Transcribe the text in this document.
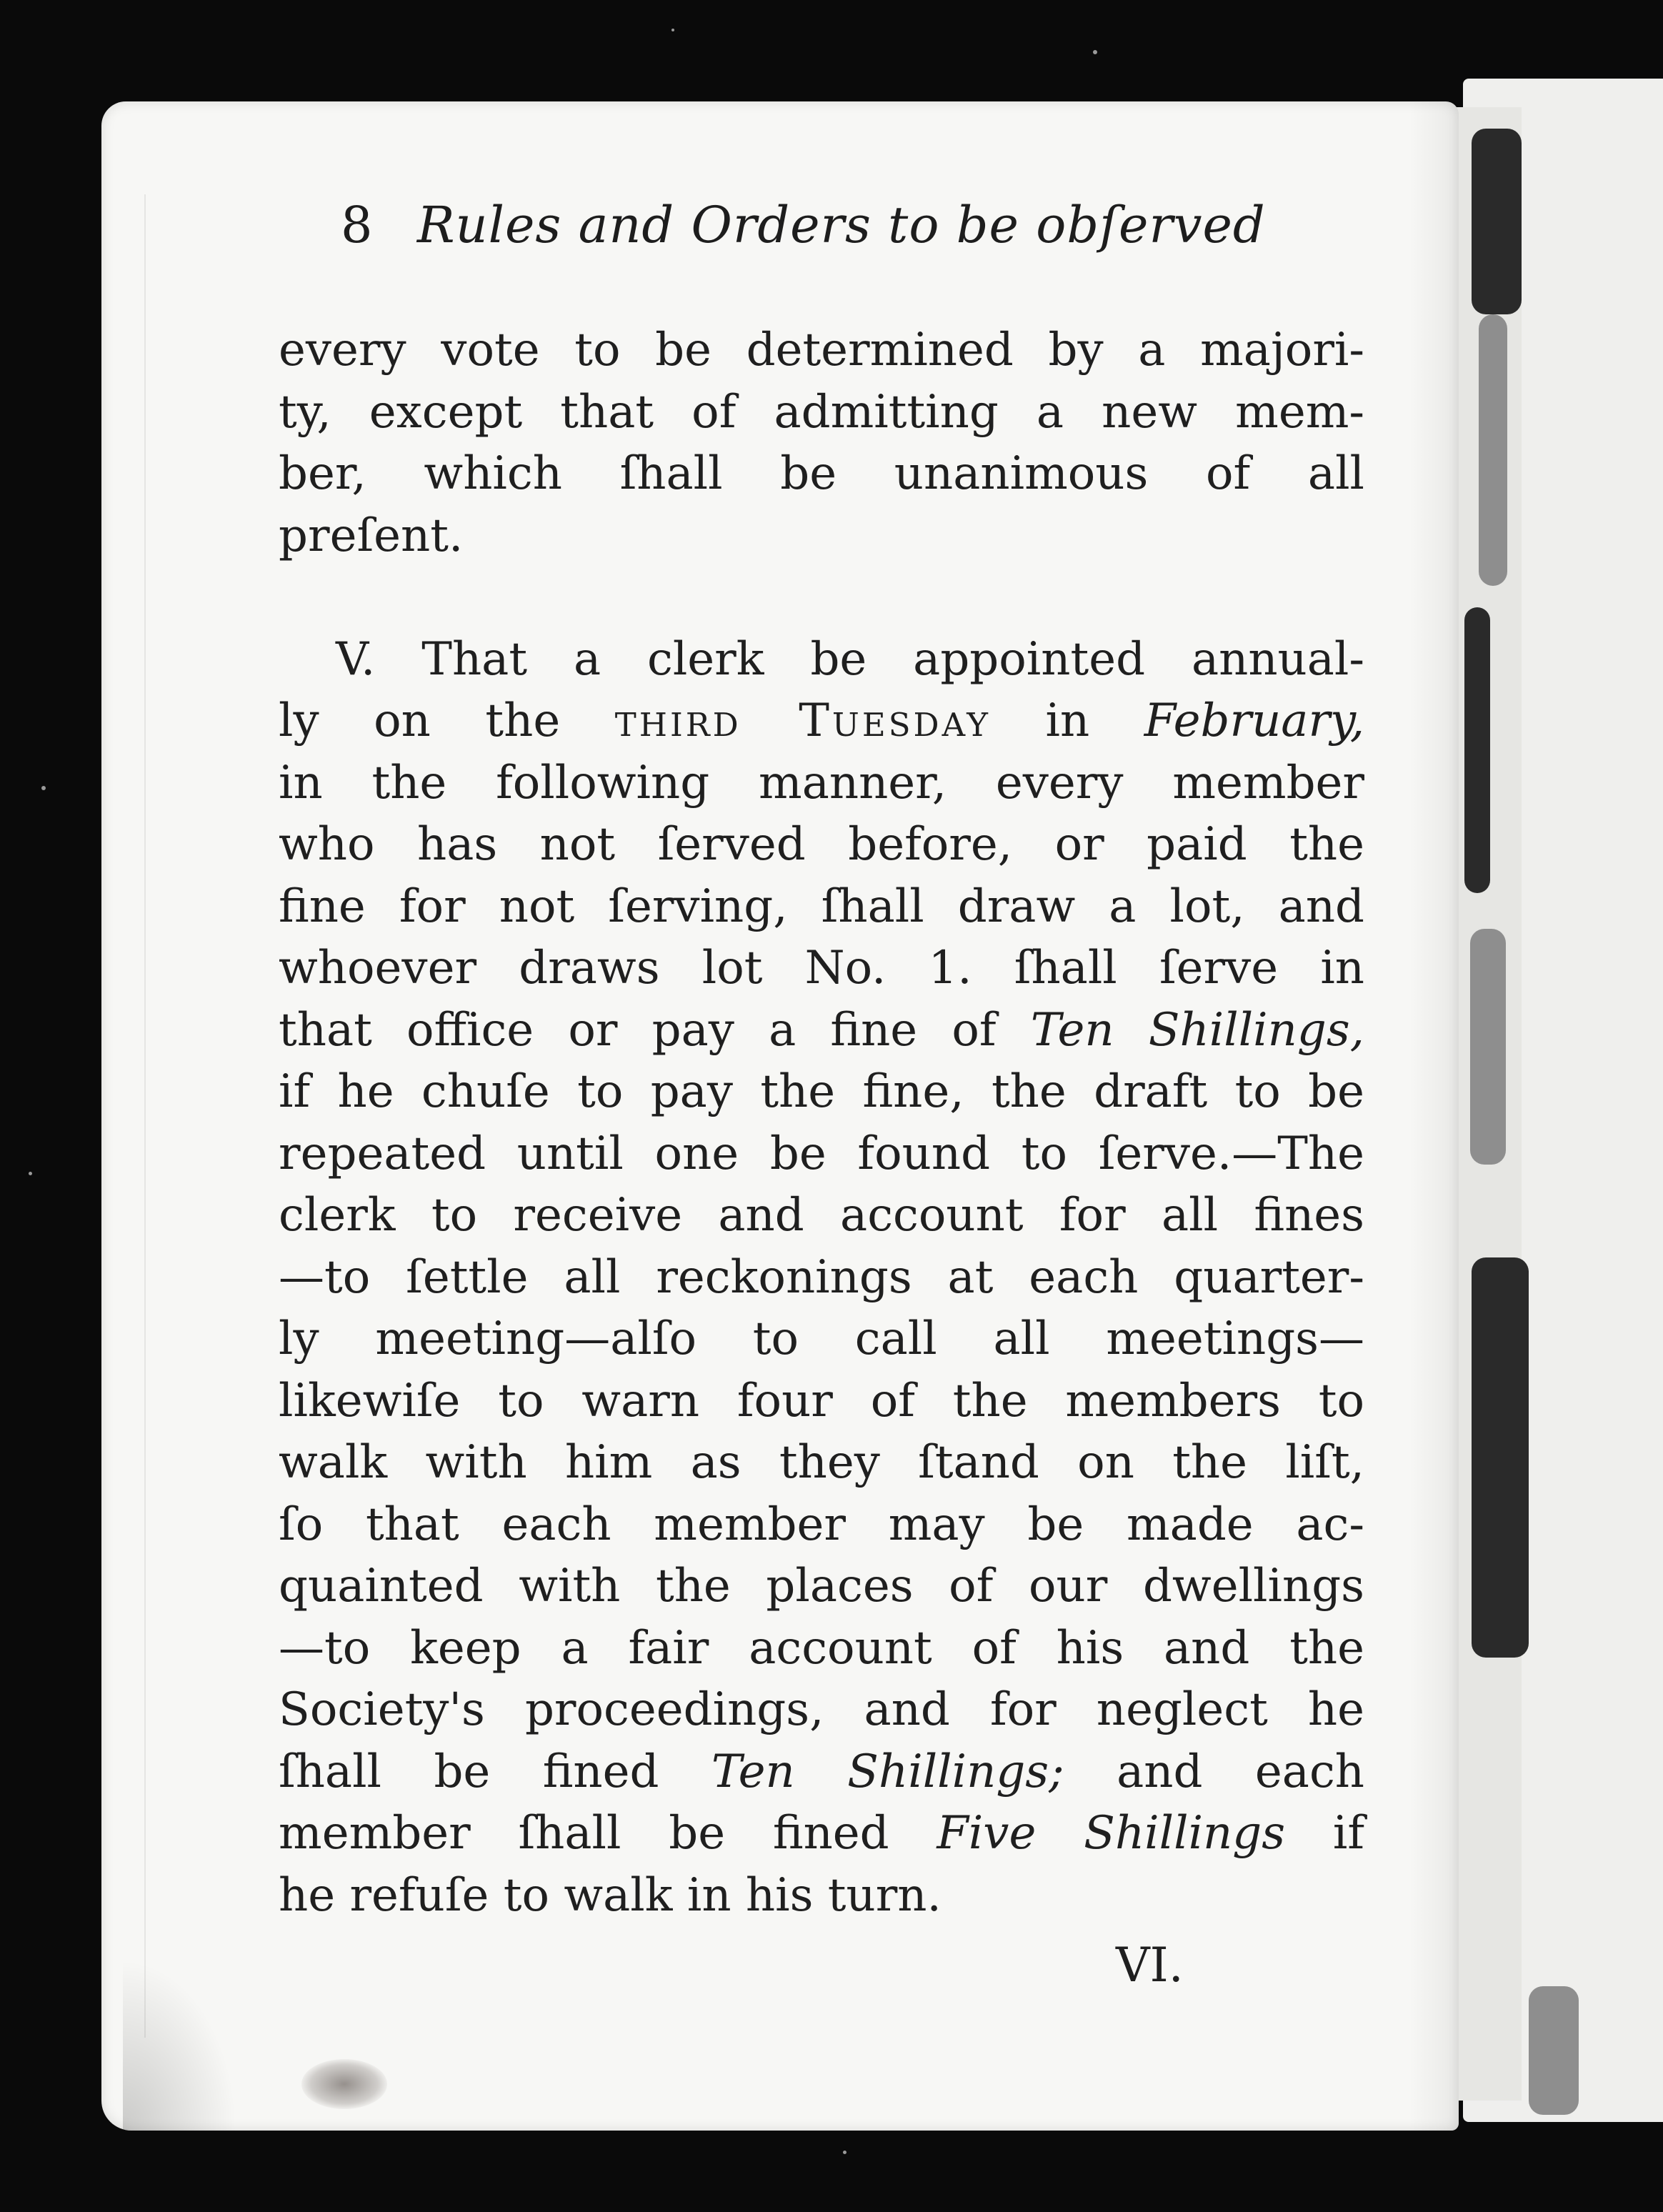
8 Rules and Orders to be obſerved
every vote to be determined by a majori-
ty, except that of admitting a new mem-
ber, which ſhall be unanimous of all
preſent.
V. That a clerk be appointed annual-
ly on the third Tuesday in February,
in the following manner, every member
who has not ſerved before, or paid the
fine for not ſerving, ſhall draw a lot, and
whoever draws lot No. 1. ſhall ſerve in
that office or pay a fine of Ten Shillings,
if he chuſe to pay the fine, the draft to be
repeated until one be found to ſerve.—The
clerk to receive and account for all fines
—to ſettle all reckonings at each quarter-
ly meeting—alſo to call all meetings—
likewiſe to warn four of the members to
walk with him as they ſtand on the liſt,
ſo that each member may be made ac-
quainted with the places of our dwellings
—to keep a fair account of his and the
Society's proceedings, and for neglect he
ſhall be fined Ten Shillings; and each
member ſhall be fined Five Shillings if
he refuſe to walk in his turn.
VI.
